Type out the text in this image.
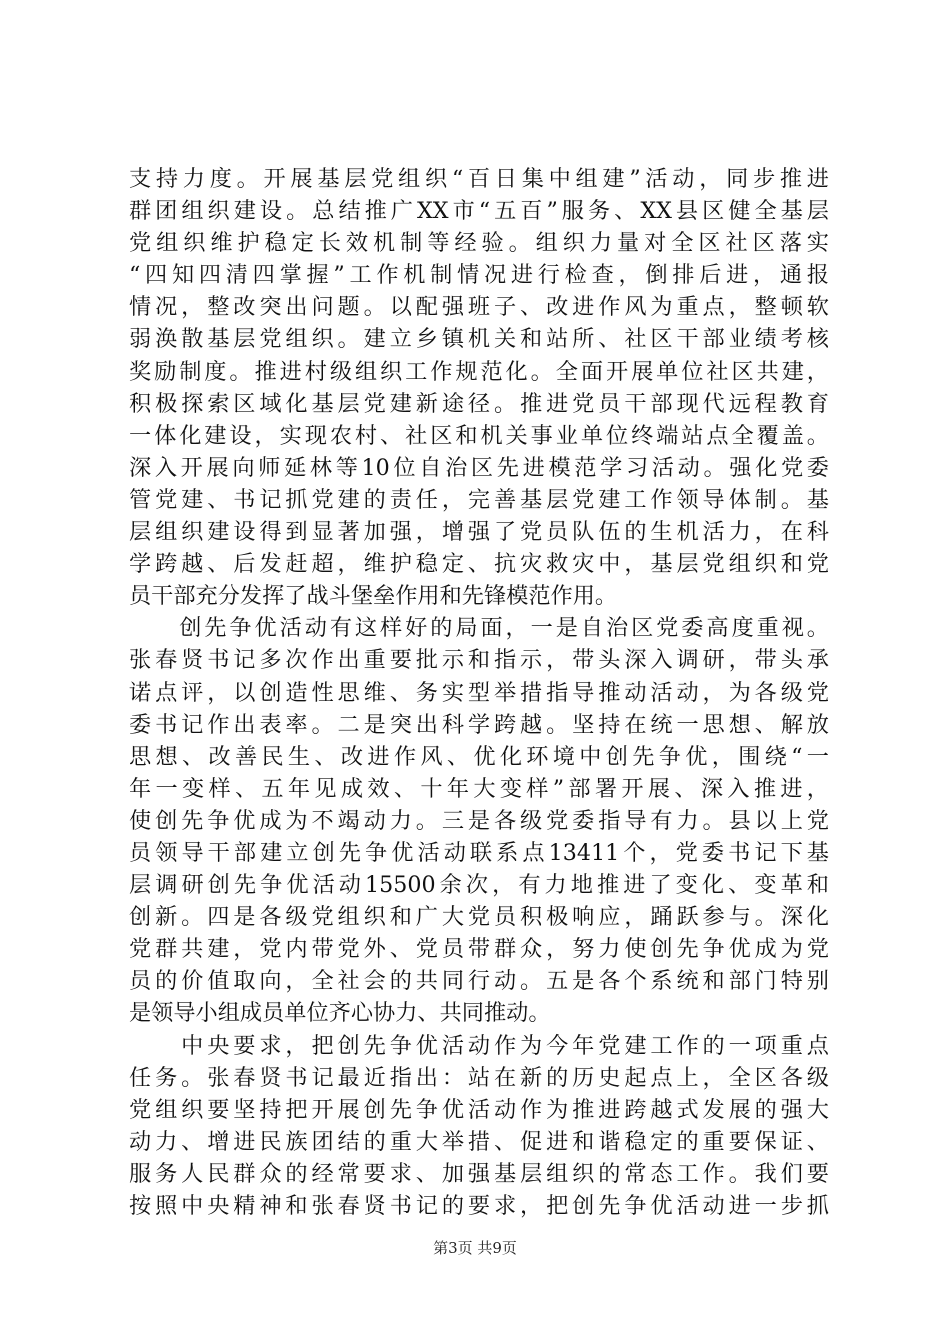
支持力度。开展基层党组织“百日集中组建”活动，同步推进
群团组织建设。总结推广XX市“五百”服务、XX县区健全基层
党组织维护稳定长效机制等经验。组织力量对全区社区落实
“四知四清四掌握”工作机制情况进行检查，倒排后进，通报
情况，整改突出问题。以配强班子、改进作风为重点，整顿软
弱涣散基层党组织。建立乡镇机关和站所、社区干部业绩考核
奖励制度。推进村级组织工作规范化。全面开展单位社区共建，
积极探索区域化基层党建新途径。推进党员干部现代远程教育
一体化建设，实现农村、社区和机关事业单位终端站点全覆盖。
深入开展向师延林等10位自治区先进模范学习活动。强化党委
管党建、书记抓党建的责任，完善基层党建工作领导体制。基
层组织建设得到显著加强，增强了党员队伍的生机活力，在科
学跨越、后发赶超，维护稳定、抗灾救灾中，基层党组织和党
员干部充分发挥了战斗堡垒作用和先锋模范作用。
　　创先争优活动有这样好的局面，一是自治区党委高度重视。
张春贤书记多次作出重要批示和指示，带头深入调研，带头承
诺点评，以创造性思维、务实型举措指导推动活动，为各级党
委书记作出表率。二是突出科学跨越。坚持在统一思想、解放
思想、改善民生、改进作风、优化环境中创先争优，围绕“一
年一变样、五年见成效、十年大变样”部署开展、深入推进，
使创先争优成为不竭动力。三是各级党委指导有力。县以上党
员领导干部建立创先争优活动联系点13411个，党委书记下基
层调研创先争优活动15500余次，有力地推进了变化、变革和
创新。四是各级党组织和广大党员积极响应，踊跃参与。深化
党群共建，党内带党外、党员带群众，努力使创先争优成为党
员的价值取向，全社会的共同行动。五是各个系统和部门特别
是领导小组成员单位齐心协力、共同推动。
　　中央要求，把创先争优活动作为今年党建工作的一项重点
任务。张春贤书记最近指出：站在新的历史起点上，全区各级
党组织要坚持把开展创先争优活动作为推进跨越式发展的强大
动力、增进民族团结的重大举措、促进和谐稳定的重要保证、
服务人民群众的经常要求、加强基层组织的常态工作。我们要
按照中央精神和张春贤书记的要求，把创先争优活动进一步抓
第3页 共9页
